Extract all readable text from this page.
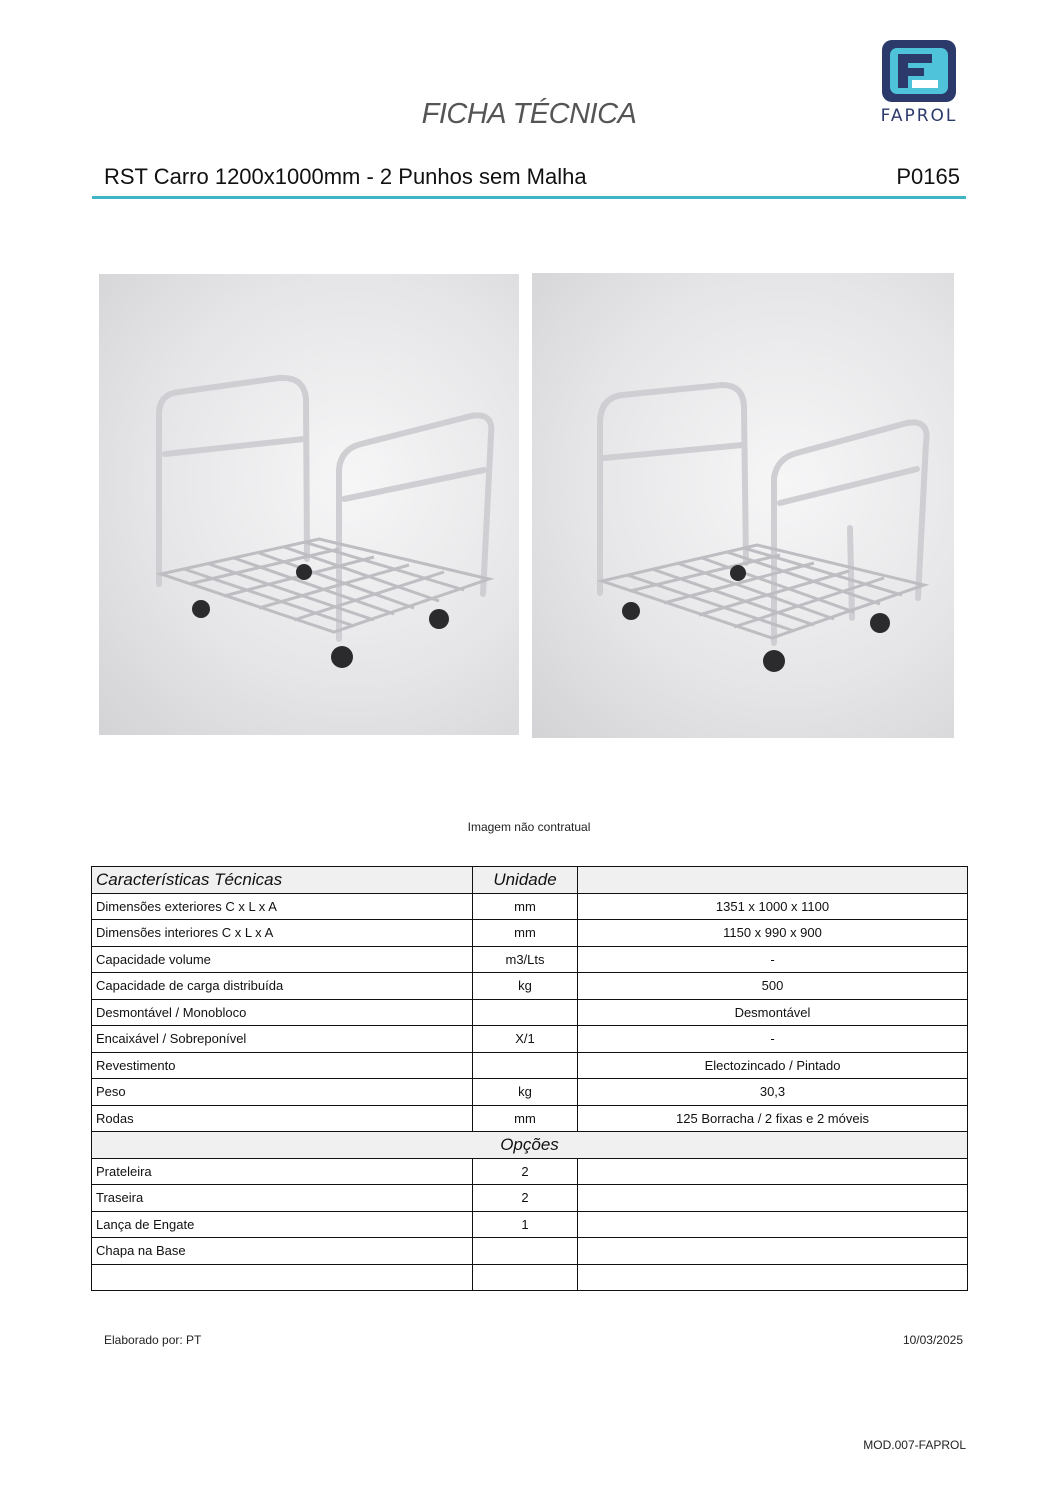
FICHA TÉCNICA	FAPROL
RST Carro 1200x1000mm - 2 Punhos sem Malha	P0165
Imagem não contratual
Características Técnicas	Unidade	
Dimensões exteriores C x L x A	mm	1351 x 1000 x 1100
Dimensões interiores C x L x A	mm	1150 x 990 x 900
Capacidade volume	m3/Lts	-
Capacidade de carga distribuída	kg	500
Desmontável / Monobloco		Desmontável
Encaixável / Sobreponível	X/1	-
Revestimento		Electozincado / Pintado
Peso	kg	30,3
Rodas	mm	125 Borracha / 2 fixas e 2 móveis
Opções		
Prateleira	2	
Traseira	2	
Lança de Engate	1	
Chapa na Base		

Elaborado por: PT	10/03/2025
MOD.007-FAPROL
